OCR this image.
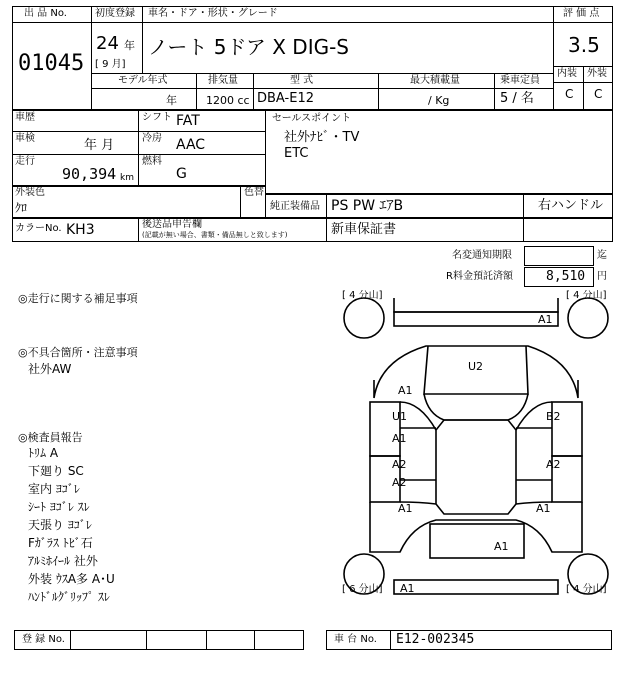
出 品 No.
01045
初度登録
24 年
[ 9 月]
車名・ドア・形状・グレード
ノート 5ドア X DIG-S
評 価 点
3.5
内装 外装
C C
モデル年式
年
排気量
1200 cc
型 式
DBA-E12
最大積載量
/ Kg
乗車定員
5 / 名
車歴
車検	年 月
走行
90,394 km
シフト FAT
冷房 AAC
燃料
G
セールスポイント
社外ﾅﾋﾞ・TV
ETC
外装色
ｸﾛ
色替
純正装備品 PS PW ｴｱB	右ハンドル
カラーNo. KH3	後送品申告欄
(記載が無い場合、書類・備品無しと致します)	新車保証書
名変通知期限	迄
R料金預託済額	8,510 円
◎走行に関する補足事項
◎不具合箇所・注意事項
社外AW
◎検査員報告
ﾄﾘﾑ A
下廻り SC
室内 ﾖｺﾞﾚ
ｼｰﾄ ﾖｺﾞﾚ ｽﾚ
天張り ﾖｺﾞﾚ
Fｶﾞﾗｽ ﾄﾋﾞ石
ｱﾙﾐﾎｲｰﾙ 社外
外装 ｳｽA多 A･U
ﾊﾝﾄﾞﾙｸﾞﾘｯﾌﾟ ｽﾚ
[ 4 分山]	[ 4 分山]
[ 6 分山]	[ 4 分山]
A1
U2
A1
U1
A1
A2
A2
B2
A2
A1	A1
A1
A1
登 録 No.	車 台 No. E12-002345
